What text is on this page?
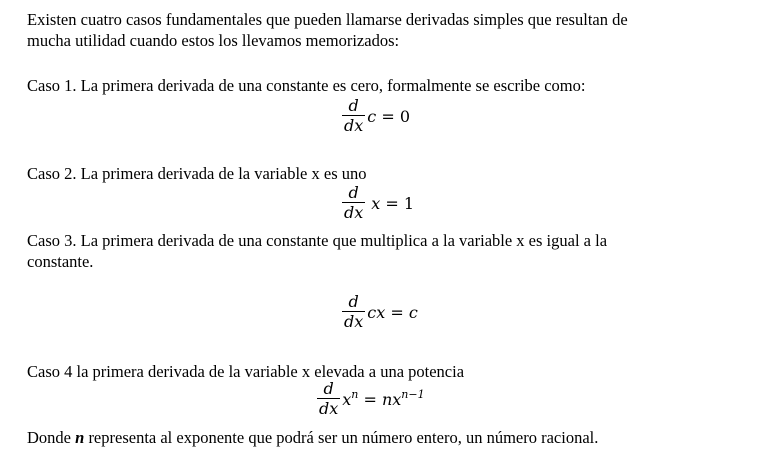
Existen cuatro casos fundamentales que pueden llamarse derivadas simples que resultan de
mucha utilidad cuando estos los llevamos memorizados:
Caso 1. La primera derivada de una constante es cero, formalmente se escribe como:
$\frac{d}{dx}$ c = 0
Caso 2. La primera derivada de la variable x es uno
$\frac{d}{dx}$ x = 1
Caso 3. La primera derivada de una constante que multiplica a la variable x es igual a la
constante.
$\frac{d}{dx}$ cx = c
Caso 4 la primera derivada de la variable x elevada a una potencia
$\frac{d}{dx} x^n = nx^{n-1}$
Donde n representa al exponente que podrá ser un número entero, un número racional.
